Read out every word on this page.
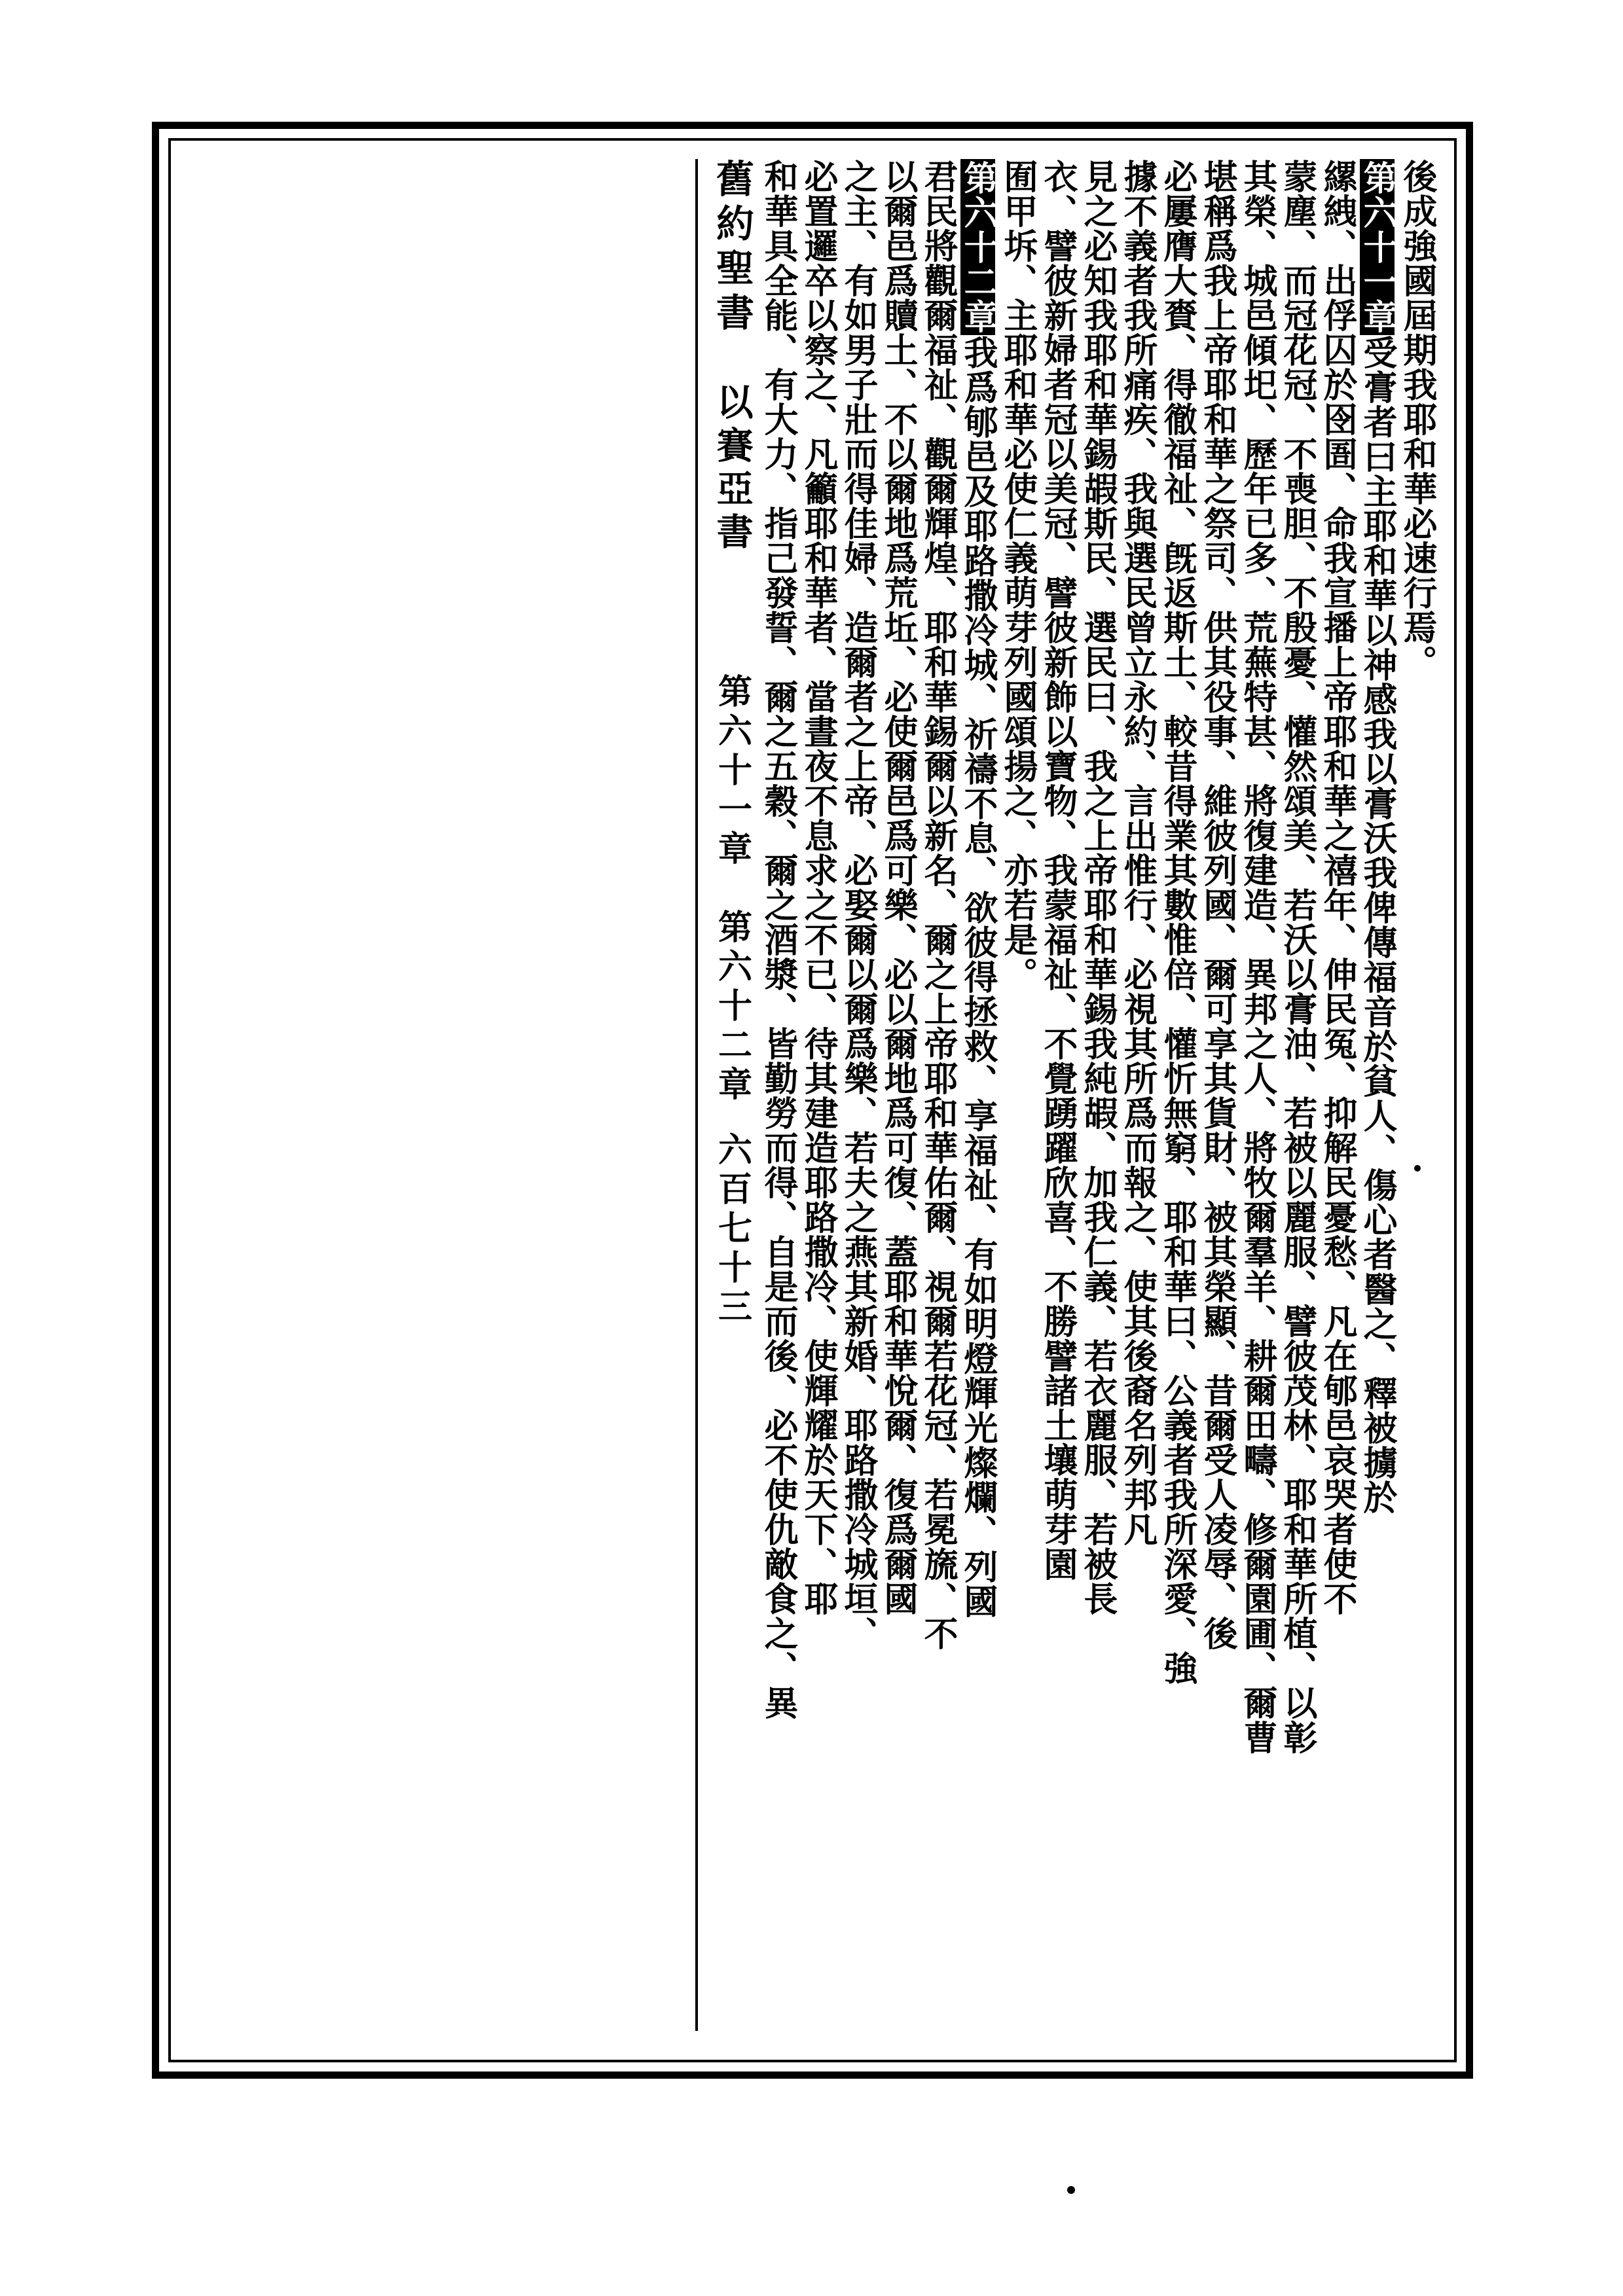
後成強國屆期我耶和華必速行焉。
第六十一章受膏者曰主耶和華以神感我以膏沃我俾傳福音於貧人、傷心者醫之、釋被擄於
縲絏、出俘囚於囹圄、命我宣播上帝耶和華之禧年、伸民冤、抑解民憂愁、凡在郇邑哀哭者使不
蒙塵、而冠花冠、不喪胆、不殷憂、懽然頌美、若沃以膏油、若被以麗服、譬彼茂林、耶和華所植、以彰
其榮、城邑傾圯、歷年已多、荒蕪特甚、將復建造、異邦之人、將牧爾羣羊、耕爾田疇、修爾園圃、爾曹
堪稱爲我上帝耶和華之祭司、供其役事、維彼列國、爾可享其貨財、被其榮顯、昔爾受人凌辱、後
必屢膺大賚、得徹福祉、旣返斯土、較昔得業其數惟倍、懽忻無窮、耶和華曰、公義者我所深愛、強
據不義者我所痛疾、我與選民曾立永約、言出惟行、必視其所爲而報之、使其後裔名列邦凡
見之必知我耶和華錫嘏斯民、選民曰、我之上帝耶和華錫我純嘏、加我仁義、若衣麗服、若被長
衣、譬彼新婦者冠以美冠、譬彼新飾以寶物、我蒙福祉、不覺踴躍欣喜、不勝譬諸土壤萌芽園
囿甲坼、主耶和華必使仁義萌芽列國頌揚之、亦若是。
第六十二章我爲郇邑及耶路撒冷城、祈禱不息、欲彼得拯救、享福祉、有如明燈輝光燦爛、列國
君民將觀爾福祉、觀爾輝煌、耶和華錫爾以新名、爾之上帝耶和華佑爾、視爾若花冠、若冕旒、不
以爾邑爲贖土、不以爾地爲荒坵、必使爾邑爲可樂、必以爾地爲可復、蓋耶和華悅爾、復爲爾國
之主、有如男子壯而得佳婦、造爾者之上帝、必娶爾以爾爲樂、若夫之燕其新婚、耶路撒冷城垣、
必置邏卒以察之、凡籲耶和華者、當晝夜不息求之不已、待其建造耶路撒冷、使輝耀於天下、耶
和華具全能、有大力、指己發誓、爾之五穀、爾之酒漿、皆勤勞而得、自是而後、必不使仇敵食之、異
舊約聖書
以賽亞書
第六十一章　第六十二章
六百七十三
